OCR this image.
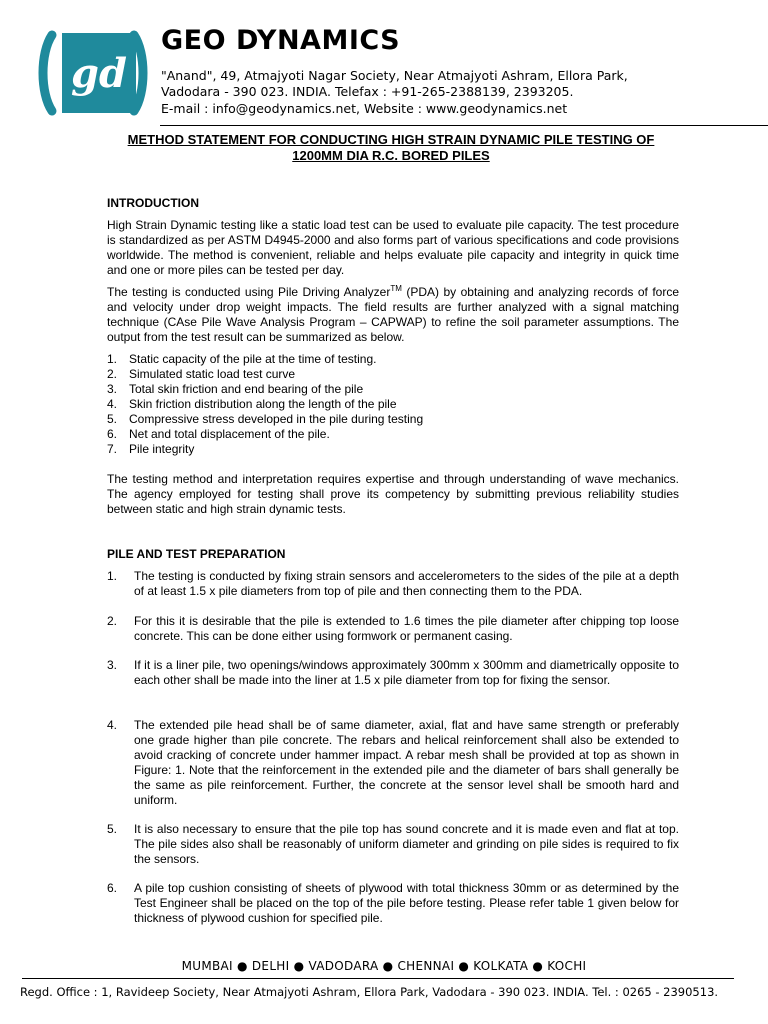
gd
GEO DYNAMICS
"Anand", 49, Atmajyoti Nagar Society, Near Atmajyoti Ashram, Ellora Park,
Vadodara - 390 023. INDIA. Telefax : +91-265-2388139, 2393205.
E-mail : info@geodynamics.net, Website : www.geodynamics.net
METHOD STATEMENT FOR CONDUCTING HIGH STRAIN DYNAMIC PILE TESTING OF
1200MM DIA R.C. BORED PILES
INTRODUCTION

High Strain Dynamic testing like a static load test can be used to evaluate pile capacity. The test procedure is standardized as per ASTM D4945-2000 and also forms part of various specifications and code provisions worldwide. The method is convenient, reliable and helps evaluate pile capacity and integrity in quick time and one or more piles can be tested per day.

The testing is conducted using Pile Driving Analyzer™ (PDA) by obtaining and analyzing records of force and velocity under drop weight impacts. The field results are further analyzed with a signal matching technique (CAse Pile Wave Analysis Program – CAPWAP) to refine the soil parameter assumptions. The output from the test result can be summarized as below.

1. Static capacity of the pile at the time of testing.
2. Simulated static load test curve
3. Total skin friction and end bearing of the pile
4. Skin friction distribution along the length of the pile
5. Compressive stress developed in the pile during testing
6. Net and total displacement of the pile.
7. Pile integrity

The testing method and interpretation requires expertise and through understanding of wave mechanics. The agency employed for testing shall prove its competency by submitting previous reliability studies between static and high strain dynamic tests.

PILE AND TEST PREPARATION
1. The testing is conducted by fixing strain sensors and accelerometers to the sides of the pile at a depth of at least 1.5 x pile diameters from top of pile and then connecting them to the PDA.
2. For this it is desirable that the pile is extended to 1.6 times the pile diameter after chipping top loose concrete. This can be done either using formwork or permanent casing.
3. If it is a liner pile, two openings/windows approximately 300mm x 300mm and diametrically opposite to each other shall be made into the liner at 1.5 x pile diameter from top for fixing the sensor.
4. The extended pile head shall be of same diameter, axial, flat and have same strength or preferably one grade higher than pile concrete. The rebars and helical reinforcement shall also be extended to avoid cracking of concrete under hammer impact. A rebar mesh shall be provided at top as shown in Figure: 1. Note that the reinforcement in the extended pile and the diameter of bars shall generally be the same as pile reinforcement. Further, the concrete at the sensor level shall be smooth hard and uniform.
5. It is also necessary to ensure that the pile top has sound concrete and it is made even and flat at top. The pile sides also shall be reasonably of uniform diameter and grinding on pile sides is required to fix the sensors.
6. A pile top cushion consisting of sheets of plywood with total thickness 30mm or as determined by the Test Engineer shall be placed on the top of the pile before testing. Please refer table 1 given below for thickness of plywood cushion for specified pile.
MUMBAI ● DELHI ● VADODARA ● CHENNAI ● KOLKATA ● KOCHI
Regd. Office : 1, Ravideep Society, Near Atmajyoti Ashram, Ellora Park, Vadodara - 390 023. INDIA. Tel. : 0265 - 2390513.
